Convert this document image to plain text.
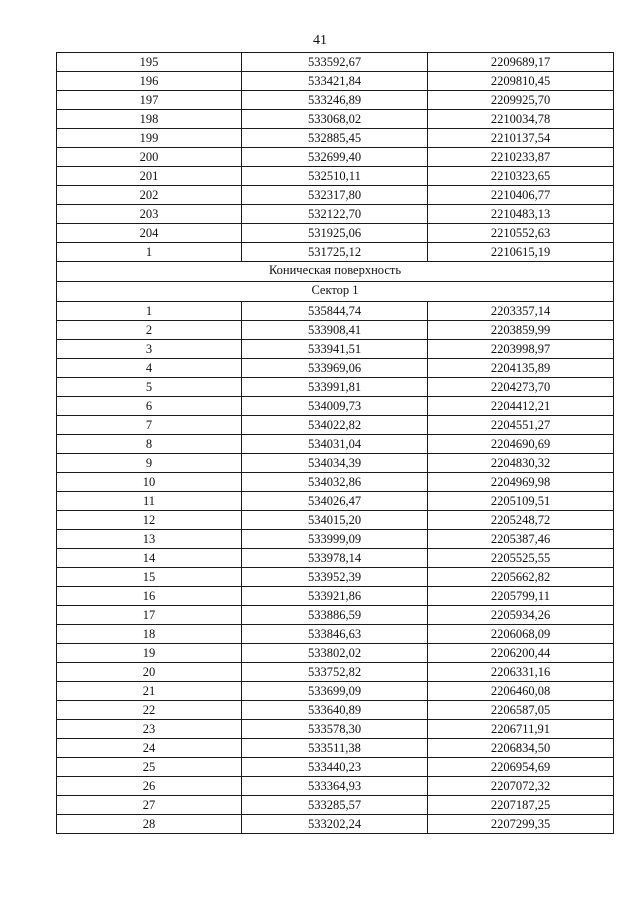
41
195	533592,67	2209689,17
196	533421,84	2209810,45
197	533246,89	2209925,70
198	533068,02	2210034,78
199	532885,45	2210137,54
200	532699,40	2210233,87
201	532510,11	2210323,65
202	532317,80	2210406,77
203	532122,70	2210483,13
204	531925,06	2210552,63
1	531725,12	2210615,19
Коническая поверхность		
Сектор 1		
1	535844,74	2203357,14
2	533908,41	2203859,99
3	533941,51	2203998,97
4	533969,06	2204135,89
5	533991,81	2204273,70
6	534009,73	2204412,21
7	534022,82	2204551,27
8	534031,04	2204690,69
9	534034,39	2204830,32
10	534032,86	2204969,98
11	534026,47	2205109,51
12	534015,20	2205248,72
13	533999,09	2205387,46
14	533978,14	2205525,55
15	533952,39	2205662,82
16	533921,86	2205799,11
17	533886,59	2205934,26
18	533846,63	2206068,09
19	533802,02	2206200,44
20	533752,82	2206331,16
21	533699,09	2206460,08
22	533640,89	2206587,05
23	533578,30	2206711,91
24	533511,38	2206834,50
25	533440,23	2206954,69
26	533364,93	2207072,32
27	533285,57	2207187,25
28	533202,24	2207299,35
